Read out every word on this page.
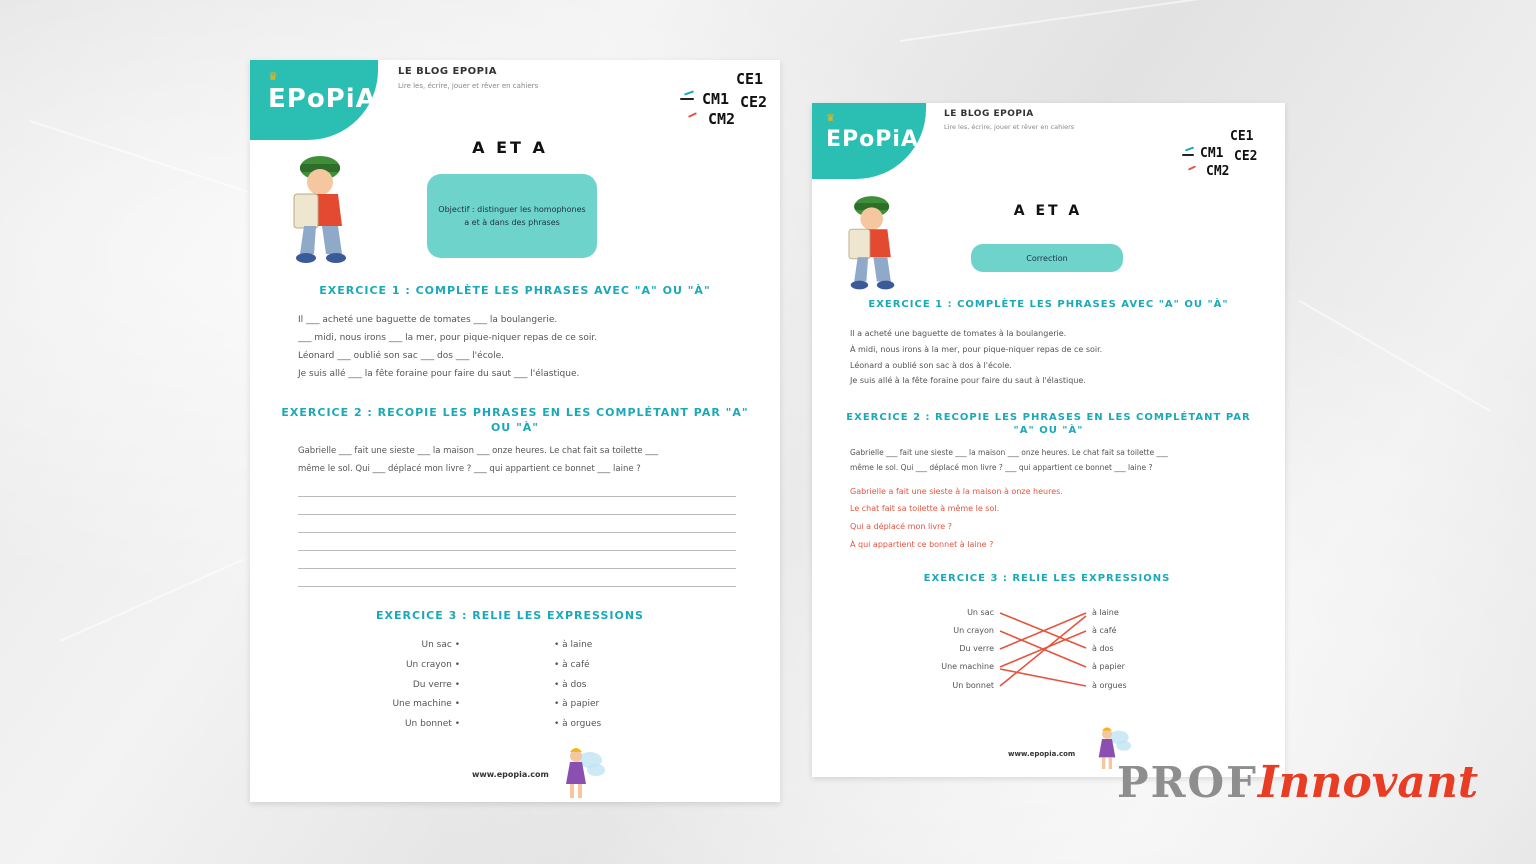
♛
EPoPiA
LE BLOG EPOPIA
Lire les, écrire, jouer et rêver en cahiers	CE1
CM1 CE2
CM2
A ET A
Objectif : distinguer les homophones a et à dans des phrases
EXERCICE 1 : COMPLÈTE LES PHRASES AVEC "A" OU "À"
Il ___ acheté une baguette de tomates ___ la boulangerie.
___ midi, nous irons ___ la mer, pour pique-niquer repas de ce soir.
Léonard ___ oublié son sac ___ dos ___ l'école.
Je suis allé ___ la fête foraine pour faire du saut ___ l'élastique.
EXERCICE 2 : RECOPIE LES PHRASES EN LES COMPLÉTANT PAR "A" OU "À"
Gabrielle ___ fait une sieste ___ la maison ___ onze heures. Le chat fait sa toilette ___
même le sol. Qui ___ déplacé mon livre ? ___ qui appartient ce bonnet ___ laine ?
EXERCICE 3 : RELIE LES EXPRESSIONS
Un sac •
Un crayon •
Du verre •
Une machine •
Un bonnet •
• à laine
• à café
• à dos
• à papier
• à orgues
www.epopia.com
♛
EPoPiA
LE BLOG EPOPIA
Lire les, écrire, jouer et rêver en cahiers
CE1
CM1 CE2
CM2
A ET A
Correction
EXERCICE 1 : COMPLÈTE LES PHRASES AVEC "A" OU "À"
Il a acheté une baguette de tomates à la boulangerie.
À midi, nous irons à la mer, pour pique-niquer repas de ce soir.
Léonard a oublié son sac à dos à l'école.
Je suis allé à la fête foraine pour faire du saut à l'élastique.
EXERCICE 2 : RECOPIE LES PHRASES EN LES COMPLÉTANT PAR "A" OU "À"
Gabrielle ___ fait une sieste ___ la maison ___ onze heures. Le chat fait sa toilette ___
même le sol. Qui ___ déplacé mon livre ? ___ qui appartient ce bonnet ___ laine ?
Gabrielle a fait une sieste à la maison à onze heures.
Le chat fait sa toilette à même le sol.
Qui a déplacé mon livre ?
À qui appartient ce bonnet à laine ?
EXERCICE 3 : RELIE LES EXPRESSIONS
Un sac
Un crayon
Du verre
Une machine
Un bonnet
à laine
à café
à dos
à papier
à orgues
www.epopia.com
PROFInnovant
